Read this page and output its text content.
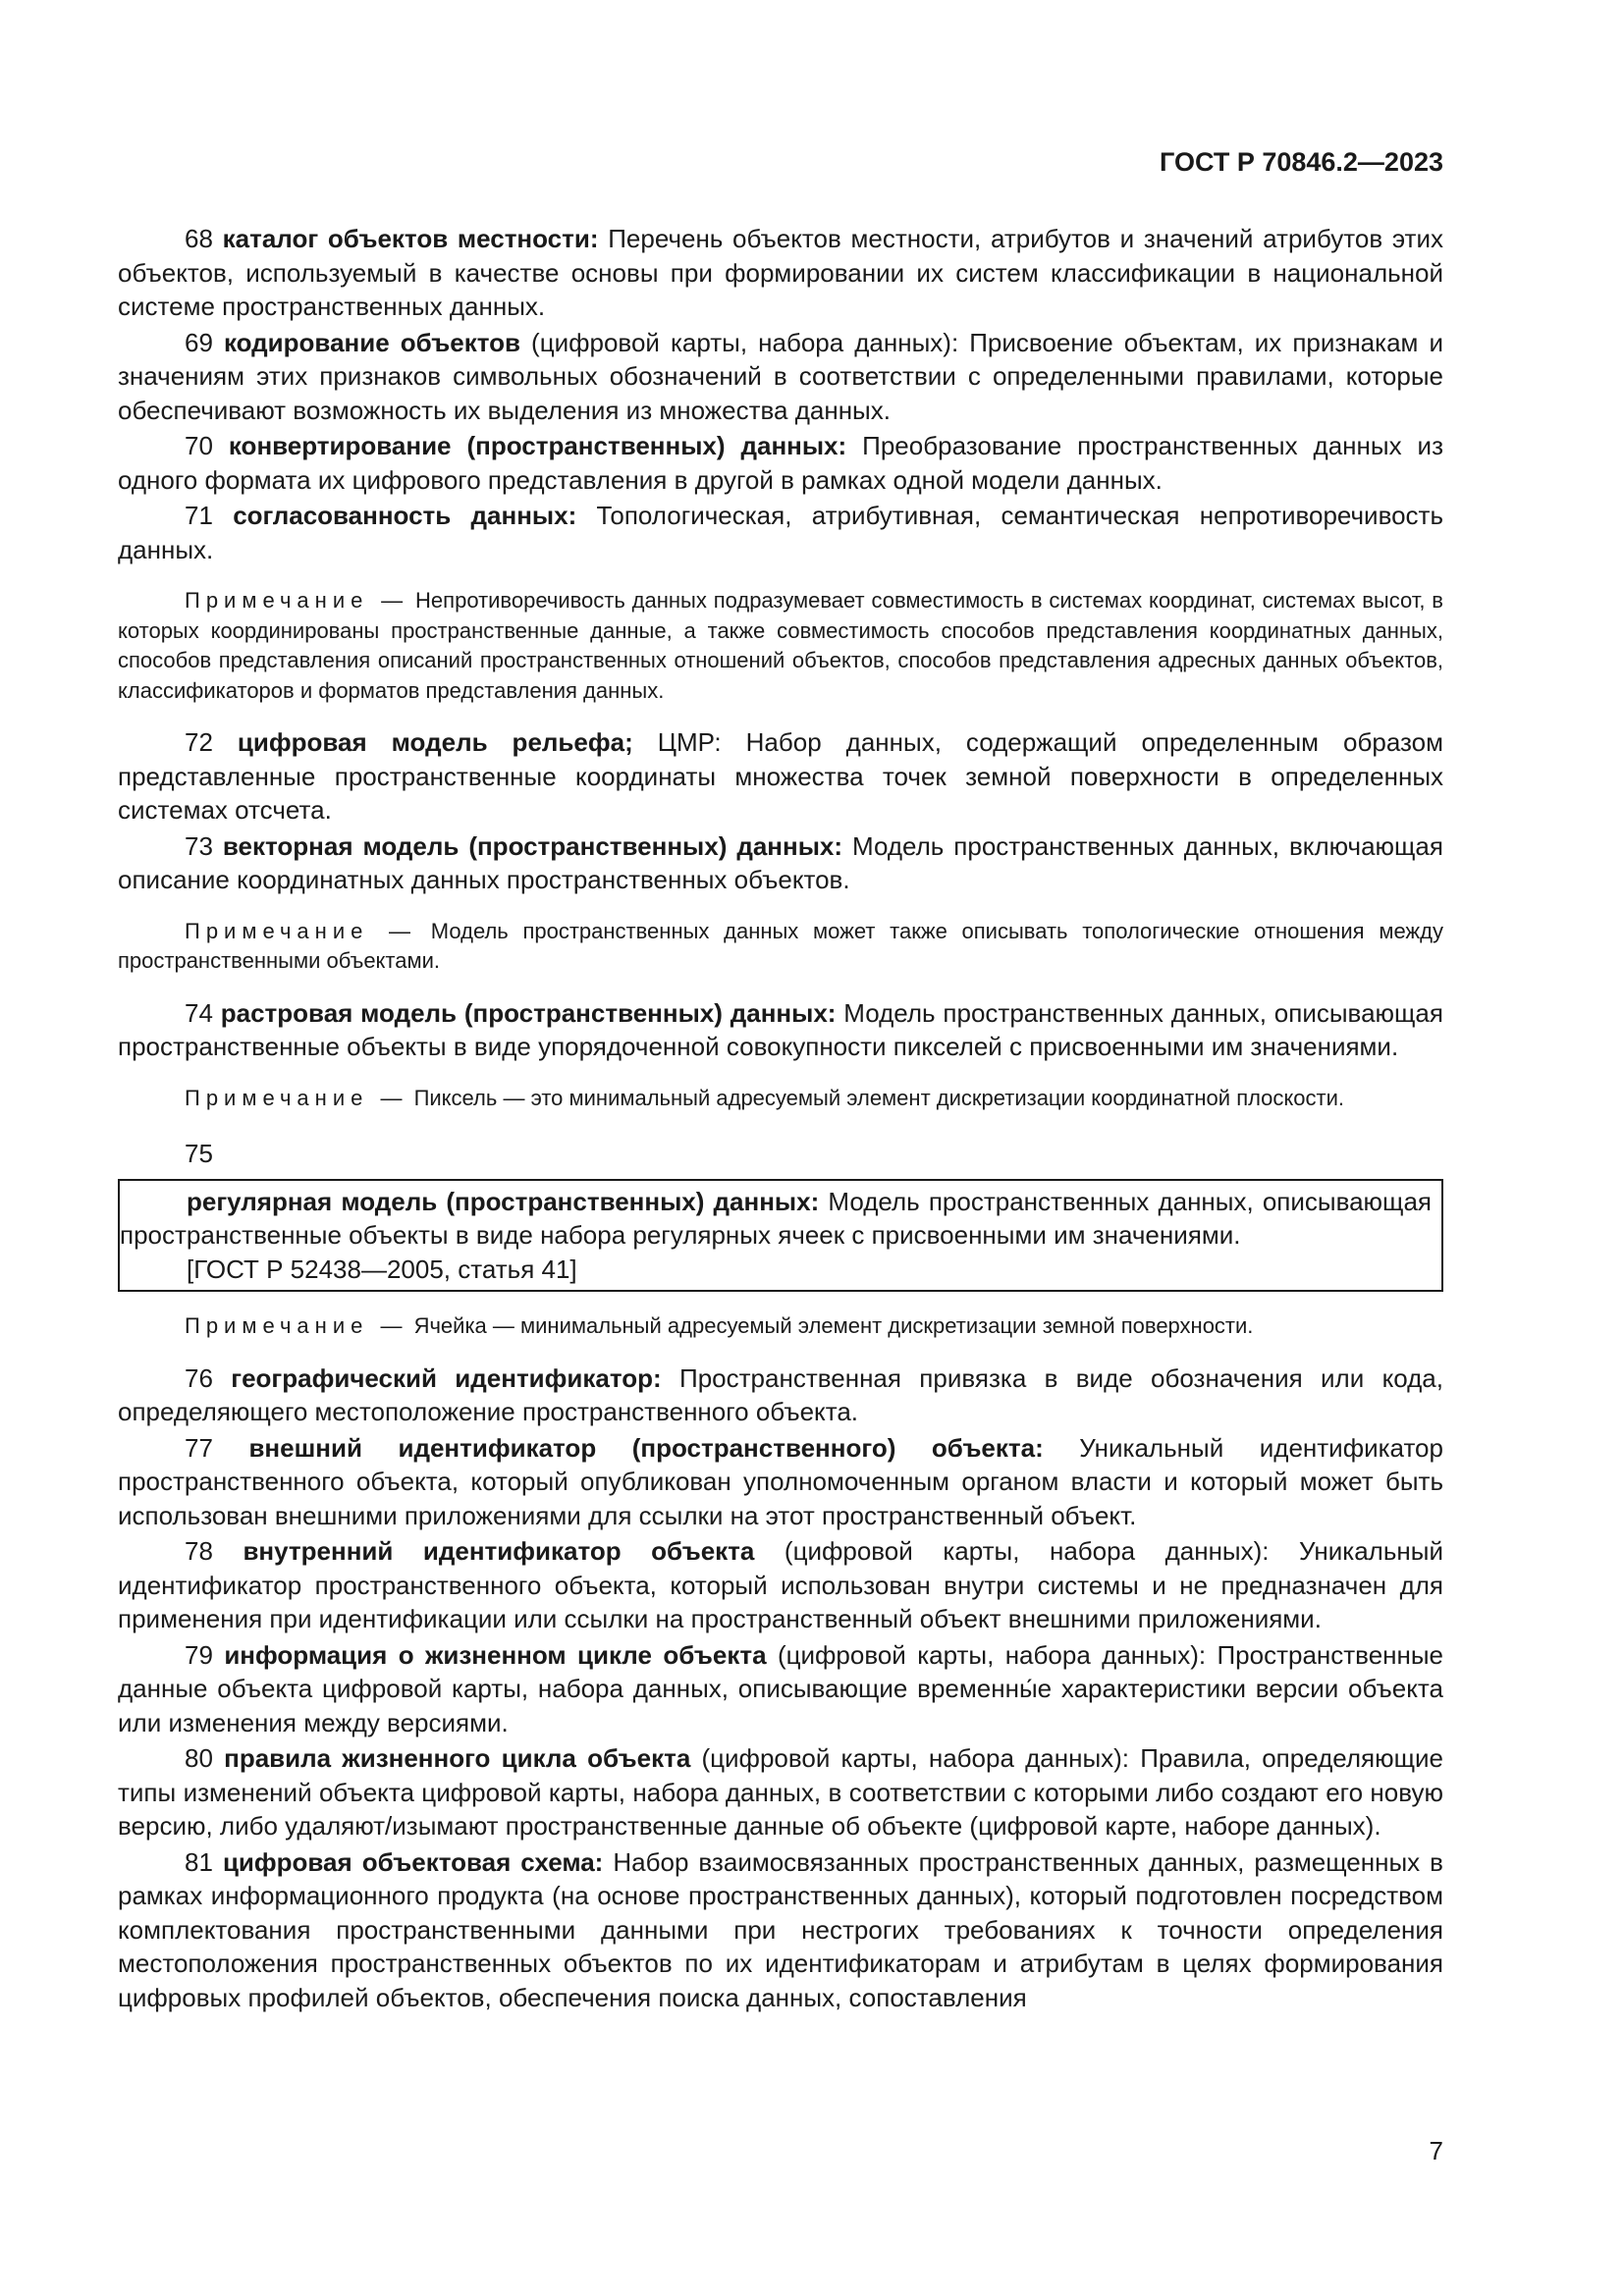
ГОСТ Р 70846.2—2023

68 каталог объектов местности: Перечень объектов местности, атрибутов и значений атрибутов этих объектов, используемый в качестве основы при формировании их систем классификации в национальной системе пространственных данных.

69 кодирование объектов (цифровой карты, набора данных): Присвоение объектам, их признакам и значениям этих признаков символьных обозначений в соответствии с определенными правилами, которые обеспечивают возможность их выделения из множества данных.

70 конвертирование (пространственных) данных: Преобразование пространственных данных из одного формата их цифрового представления в другой в рамках одной модели данных.

71 согласованность данных: Топологическая, атрибутивная, семантическая непротиворечивость данных.

Примечание — Непротиворечивость данных подразумевает совместимость в системах координат, системах высот, в которых координированы пространственные данные, а также совместимость способов представления координатных данных, способов представления описаний пространственных отношений объектов, способов представления адресных данных объектов, классификаторов и форматов представления данных.

72 цифровая модель рельефа; ЦМР: Набор данных, содержащий определенным образом представленные пространственные координаты множества точек земной поверхности в определенных системах отсчета.

73 векторная модель (пространственных) данных: Модель пространственных данных, включающая описание координатных данных пространственных объектов.

Примечание — Модель пространственных данных может также описывать топологические отношения между пространственными объектами.

74 растровая модель (пространственных) данных: Модель пространственных данных, описывающая пространственные объекты в виде упорядоченной совокупности пикселей с присвоенными им значениями.

Примечание — Пиксель — это минимальный адресуемый элемент дискретизации координатной плоскости.

75

регулярная модель (пространственных) данных: Модель пространственных данных, описывающая пространственные объекты в виде набора регулярных ячеек с присвоенными им значениями.

[ГОСТ Р 52438—2005, статья 41]

Примечание — Ячейка — минимальный адресуемый элемент дискретизации земной поверхности.

76 географический идентификатор: Пространственная привязка в виде обозначения или кода, определяющего местоположение пространственного объекта.

77 внешний идентификатор (пространственного) объекта: Уникальный идентификатор пространственного объекта, который опубликован уполномоченным органом власти и который может быть использован внешними приложениями для ссылки на этот пространственный объект.

78 внутренний идентификатор объекта (цифровой карты, набора данных): Уникальный идентификатор пространственного объекта, который использован внутри системы и не предназначен для применения при идентификации или ссылки на пространственный объект внешними приложениями.

79 информация о жизненном цикле объекта (цифровой карты, набора данных): Пространственные данные объекта цифровой карты, набора данных, описывающие временны́е характеристики версии объекта или изменения между версиями.

80 правила жизненного цикла объекта (цифровой карты, набора данных): Правила, определяющие типы изменений объекта цифровой карты, набора данных, в соответствии с которыми либо создают его новую версию, либо удаляют/изымают пространственные данные об объекте (цифровой карте, наборе данных).

81 цифровая объектовая схема: Набор взаимосвязанных пространственных данных, размещенных в рамках информационного продукта (на основе пространственных данных), который подготовлен посредством комплектования пространственными данными при нестрогих требованиях к точности определения местоположения пространственных объектов по их идентификаторам и атрибутам в целях формирования цифровых профилей объектов, обеспечения поиска данных, сопоставления

7
